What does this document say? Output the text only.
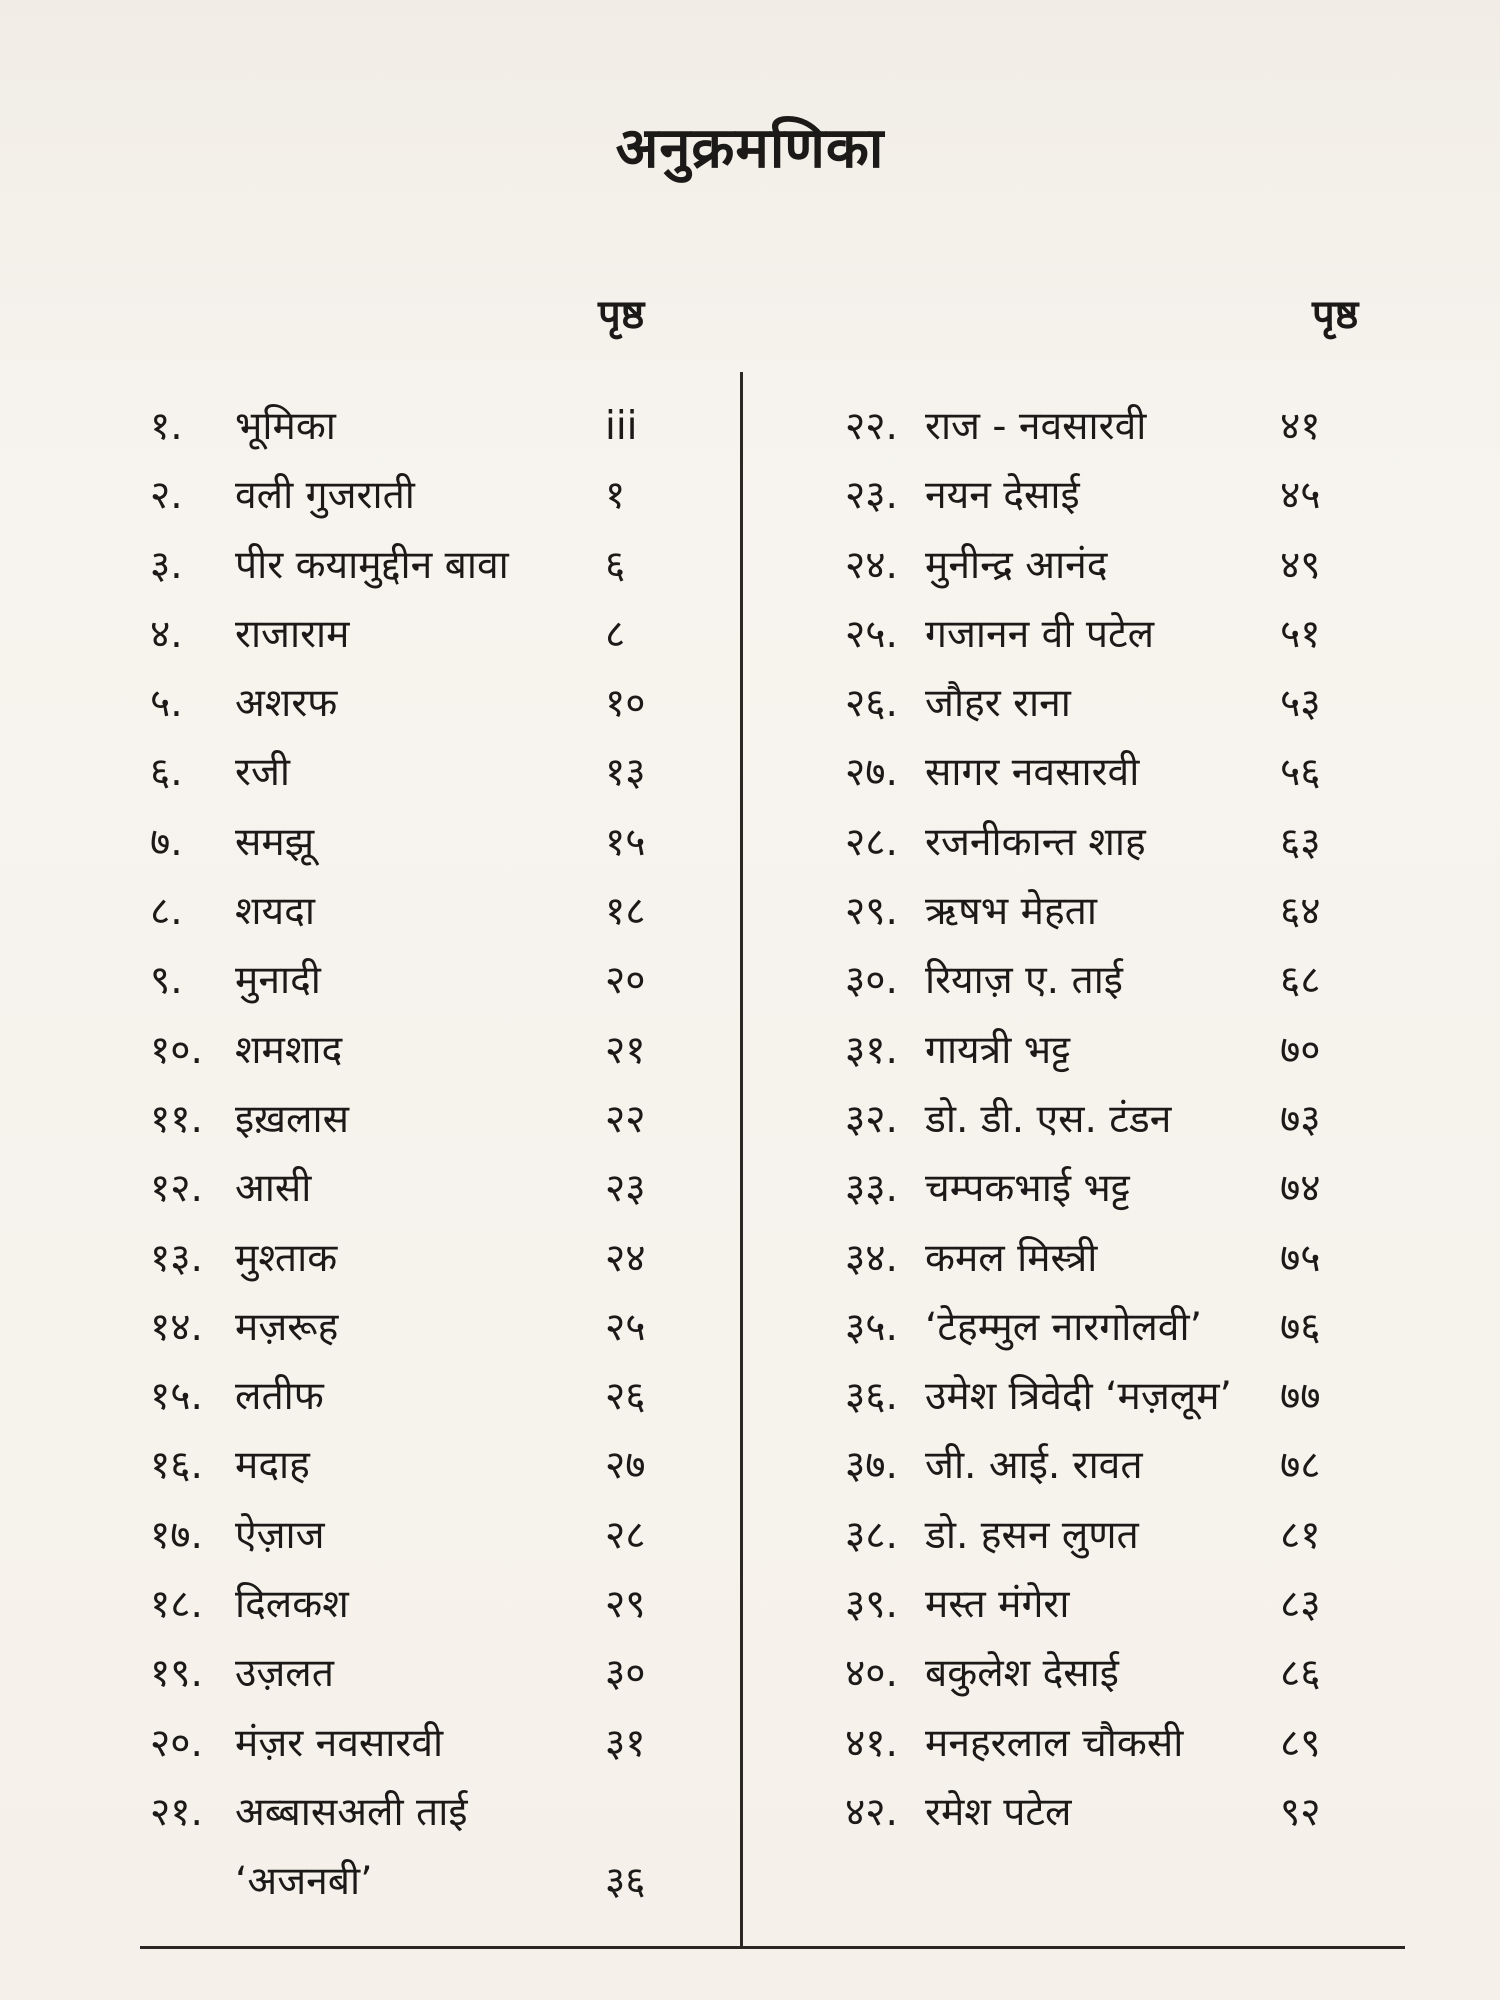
अनुक्रमणिका
पृष्ठ	पृष्ठ
१. भूमिका	iii
२. वली गुजराती	१
३. पीर कयामुद्दीन बावा ६
४. राजाराम	८
५. अशरफ	१०
६. रजी	१३
७. समझू	१५
८. शयदा	१८
९. मुनादी	२०
१०. शमशाद	२१
११. इख़लास	२२
१२. आसी	२३
१३. मुश्ताक	२४
१४. मज़रूह	२५
१५. लतीफ	२६
१६. मदाह	२७
१७. ऐज़ाज	२८
१८. दिलकश	२९
१९. उज़लत	३०
२०. मंज़र नवसारवी	३१
२१. अब्बासअली ताई
‘अजनबी’	३६
२२. राज - नवसारवी	४१
२३. नयन देसाई	४५
२४. मुनीन्द्र आनंद	४९
२५. गजानन वी पटेल	५१
२६. जौहर राना	५३
२७. सागर नवसारवी	५६
२८. रजनीकान्त शाह	६३
२९. ऋषभ मेहता	६४
३०. रियाज़ ए. ताई	६८
३१. गायत्री भट्ट	७०
३२. डो. डी. एस. टंडन	७३
३३. चम्पकभाई भट्ट	७४
३४. कमल मिस्त्री	७५
३५. ‘टेहम्मुल नारगोलवी’ ७६
३६. उमेश त्रिवेदी ‘मज़लूम’ ७७
३७. जी. आई. रावत	७८
३८. डो. हसन लुणत	८१
३९. मस्त मंगेरा	८३
४०. बकुलेश देसाई	८६
४१. मनहरलाल चौकसी ८९
४२. रमेश पटेल	९२
